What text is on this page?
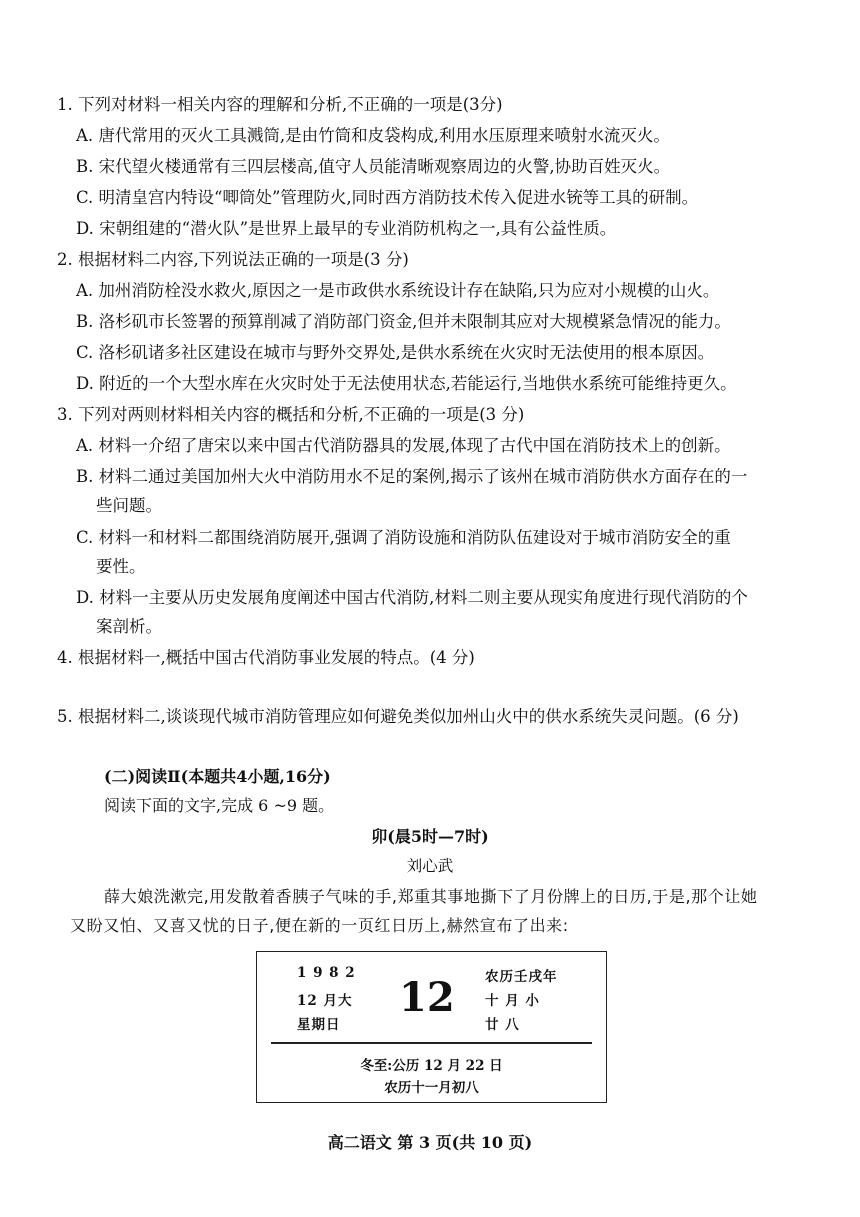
1. 下列对材料一相关内容的理解和分析,不正确的一项是(3分)
A. 唐代常用的灭火工具溅筒,是由竹筒和皮袋构成,利用水压原理来喷射水流灭火。
B. 宋代望火楼通常有三四层楼高,值守人员能清晰观察周边的火警,协助百姓灭火。
C. 明清皇宫内特设“唧筒处”管理防火,同时西方消防技术传入促进水铳等工具的研制。
D. 宋朝组建的“潜火队”是世界上最早的专业消防机构之一,具有公益性质。
2. 根据材料二内容,下列说法正确的一项是(3 分)
A. 加州消防栓没水救火,原因之一是市政供水系统设计存在缺陷,只为应对小规模的山火。
B. 洛杉矶市长签署的预算削减了消防部门资金,但并未限制其应对大规模紧急情况的能力。
C. 洛杉矶诸多社区建设在城市与野外交界处,是供水系统在火灾时无法使用的根本原因。
D. 附近的一个大型水库在火灾时处于无法使用状态,若能运行,当地供水系统可能维持更久。
3. 下列对两则材料相关内容的概括和分析,不正确的一项是(3 分)
A. 材料一介绍了唐宋以来中国古代消防器具的发展,体现了古代中国在消防技术上的创新。
B. 材料二通过美国加州大火中消防用水不足的案例,揭示了该州在城市消防供水方面存在的一
些问题。
C. 材料一和材料二都围绕消防展开,强调了消防设施和消防队伍建设对于城市消防安全的重
要性。
D. 材料一主要从历史发展角度阐述中国古代消防,材料二则主要从现实角度进行现代消防的个
案剖析。
4. 根据材料一,概括中国古代消防事业发展的特点。(4 分)
5. 根据材料二,谈谈现代城市消防管理应如何避免类似加州山火中的供水系统失灵问题。(6 分)
(二)阅读Ⅱ(本题共4小题,16分)
阅读下面的文字,完成 6 ~9 题。
卯(晨5时—7时)
刘心武
薛大娘洗漱完,用发散着香胰子气味的手,郑重其事地撕下了月份牌上的日历,于是,那个让她
又盼又怕、又喜又忧的日子,便在新的一页红日历上,赫然宣布了出来:
1 9 8 2
12 月大
星期日
12 农历壬戌年
十 月 小
廿 八
冬至:公历 12 月 22 日
农历十一月初八
高二语文 第 3 页(共 10 页)
